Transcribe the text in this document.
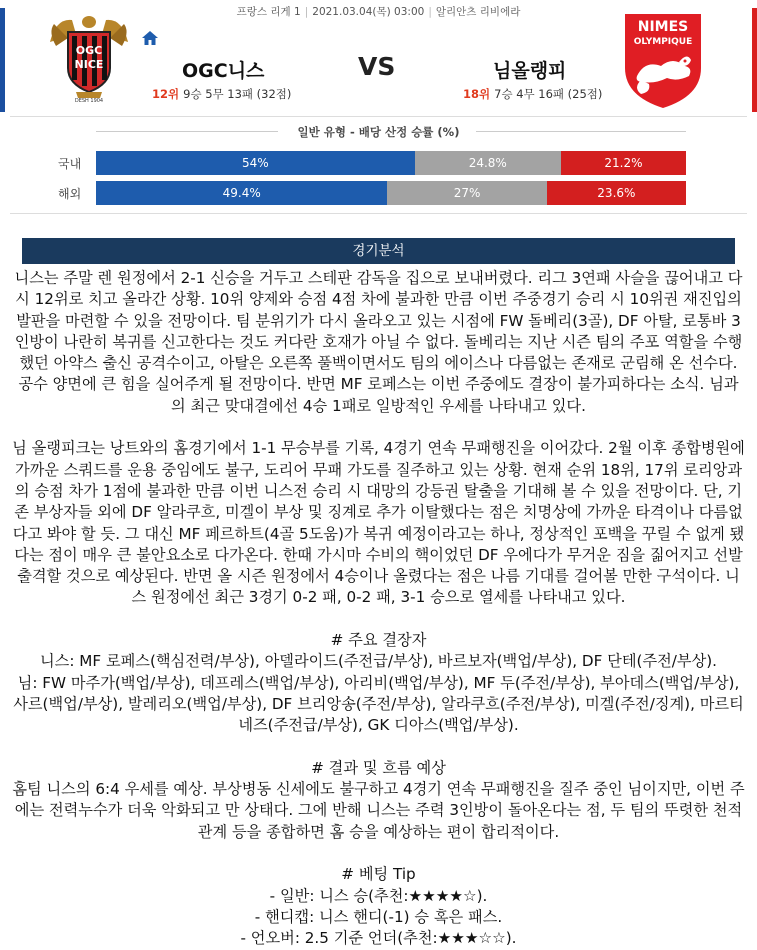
프랑스 리게 1 | 2021.03.04(목) 03:00 | 알리안츠 리비에라
OGC
NICE
DESH 1904
OGC니스	VS	님올랭피
12위 9승 5무 13패 (32점)	18위 7승 4무 16패 (25점)
NIMES
OLYMPIQUE
일반 유형 - 배당 산정 승률 (%)
국내	54%	24.8%	21.2%
해외	49.4%	27%	23.6%
경기분석

니스는 주말 렌 원정에서 2-1 신승을 거두고 스테판 감독을 집으로 보내버렸다. 리그 3연패 사슬을 끊어내고 다시 12위로 치고 올라간 상황. 10위 양제와 승점 4점 차에 불과한 만큼 이번 주중경기 승리 시 10위권 재진입의 발판을 마련할 수 있을 전망이다. 팀 분위기가 다시 올라오고 있는 시점에 FW 돌베리(3골), DF 아탈, 로통바 3인방이 나란히 복귀를 신고한다는 것도 커다란 호재가 아닐 수 없다. 돌베리는 지난 시즌 팀의 주포 역할을 수행했던 아약스 출신 공격수이고, 아탈은 오른쪽 풀백이면서도 팀의 에이스나 다름없는 존재로 군림해 온 선수다. 공수 양면에 큰 힘을 실어주게 될 전망이다. 반면 MF 로페스는 이번 주중에도 결장이 불가피하다는 소식. 님과의 최근 맞대결에선 4승 1패로 일방적인 우세를 나타내고 있다.

님 올랭피크는 낭트와의 홈경기에서 1-1 무승부를 기록, 4경기 연속 무패행진을 이어갔다. 2월 이후 종합병원에 가까운 스쿼드를 운용 중임에도 불구, 도리어 무패 가도를 질주하고 있는 상황. 현재 순위 18위, 17위 로리앙과의 승점 차가 1점에 불과한 만큼 이번 니스전 승리 시 대망의 강등권 탈출을 기대해 볼 수 있을 전망이다. 단, 기존 부상자들 외에 DF 알라쿠흐, 미겔이 부상 및 징계로 추가 이탈했다는 점은 치명상에 가까운 타격이나 다름없다고 봐야 할 듯. 그 대신 MF 페르하트(4골 5도움)가 복귀 예정이라고는 하나, 정상적인 포백을 꾸릴 수 없게 됐다는 점이 매우 큰 불안요소로 다가온다. 한때 가시마 수비의 핵이었던 DF 우에다가 무거운 짐을 짊어지고 선발 출격할 것으로 예상된다. 반면 올 시즌 원정에서 4승이나 올렸다는 점은 나름 기대를 걸어볼 만한 구석이다. 니스 원정에선 최근 3경기 0-2 패, 0-2 패, 3-1 승으로 열세를 나타내고 있다.

# 주요 결장자

니스: MF 로페스(핵심전력/부상), 아델라이드(주전급/부상), 바르보자(백업/부상), DF 단테(주전/부상).

님: FW 마주가(백업/부상), 데프레스(백업/부상), 아리비(백업/부상), MF 두(주전/부상), 부아데스(백업/부상), 사르(백업/부상), 발레리오(백업/부상), DF 브리앙송(주전/부상), 알라쿠흐(주전/부상), 미겔(주전/징계), 마르티네즈(주전급/부상), GK 디아스(백업/부상).

# 결과 및 흐름 예상

홈팀 니스의 6:4 우세를 예상. 부상병동 신세에도 불구하고 4경기 연속 무패행진을 질주 중인 님이지만, 이번 주에는 전력누수가 더욱 악화되고 만 상태다. 그에 반해 니스는 주력 3인방이 돌아온다는 점, 두 팀의 뚜렷한 천적관계 등을 종합하면 홈 승을 예상하는 편이 합리적이다.

# 베팅 Tip

- 일반: 니스 승(추천:★★★★☆).

- 핸디캡: 니스 핸디(-1) 승 혹은 패스.

- 언오버: 2.5 기준 언더(추천:★★★☆☆).
